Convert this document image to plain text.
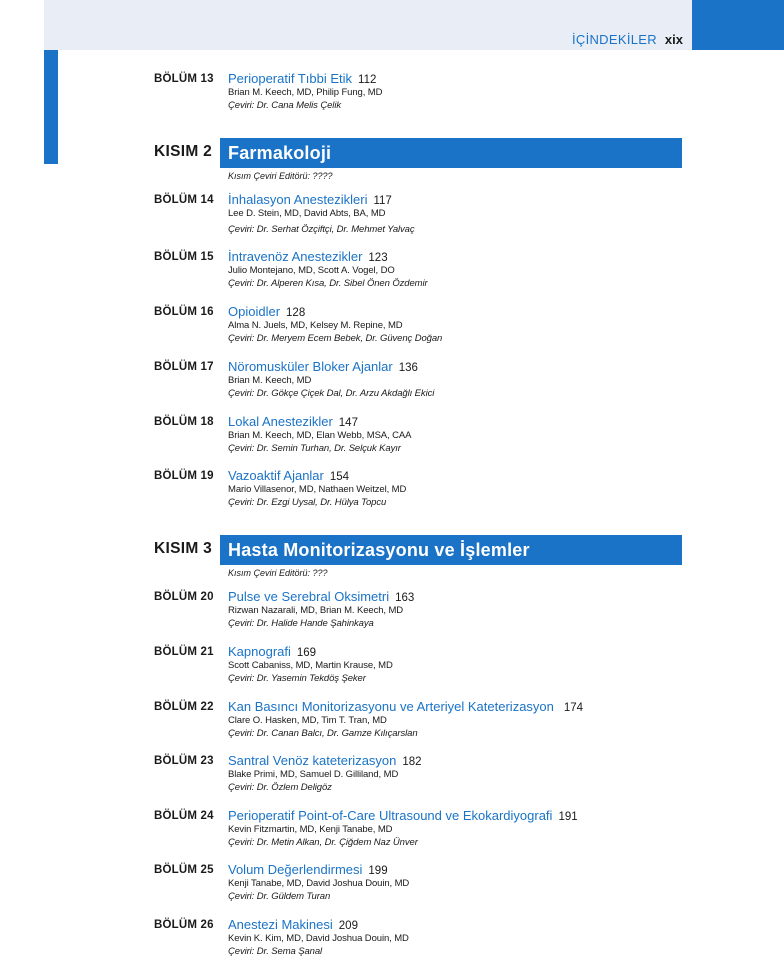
İÇİNDEKİLER xix
BÖLÜM 13	Perioperatif Tıbbi Etik 112
Brian M. Keech, MD, Philip Fung, MD
Çeviri: Dr. Cana Melis Çelik
KISIM 2 Farmakoloji
Kısım Çeviri Editörü: ????
BÖLÜM 14	İnhalasyon Anestezikleri 117
Lee D. Stein, MD, David Abts, BA, MD
Çeviri: Dr. Serhat Özçiftçi, Dr. Mehmet Yalvaç
BÖLÜM 15	İntravenöz Anestezikler 123
Julio Montejano, MD, Scott A. Vogel, DO
Çeviri: Dr. Alperen Kısa, Dr. Sibel Önen Özdemir
BÖLÜM 16	Opioidler 128
Alma N. Juels, MD, Kelsey M. Repine, MD
Çeviri: Dr. Meryem Ecem Bebek, Dr. Güvenç Doğan
BÖLÜM 17	Nöromusküler Bloker Ajanlar 136
Brian M. Keech, MD
Çeviri: Dr. Gökçe Çiçek Dal, Dr. Arzu Akdağlı Ekici
BÖLÜM 18	Lokal Anestezikler 147
Brian M. Keech, MD, Elan Webb, MSA, CAA
Çeviri: Dr. Semin Turhan, Dr. Selçuk Kayır
BÖLÜM 19	Vazoaktif Ajanlar 154
Mario Villasenor, MD, Nathaen Weitzel, MD
Çeviri: Dr. Ezgi Uysal, Dr. Hülya Topcu
KISIM 3 Hasta Monitorizasyonu ve İşlemler
Kısım Çeviri Editörü: ???
BÖLÜM 20	Pulse ve Serebral Oksimetri 163
Rizwan Nazarali, MD, Brian M. Keech, MD
Çeviri: Dr. Halide Hande Şahinkaya
BÖLÜM 21	Kapnografi 169
Scott Cabaniss, MD, Martin Krause, MD
Çeviri: Dr. Yasemin Tekdöş Şeker
BÖLÜM 22	Kan Basıncı Monitorizasyonu ve Arteriyel Kateterizasyon 174
Clare O. Hasken, MD, Tim T. Tran, MD
Çeviri: Dr. Canan Balcı, Dr. Gamze Kılıçarslan
BÖLÜM 23	Santral Venöz kateterizasyon 182
Blake Primi, MD, Samuel D. Gilliland, MD
Çeviri: Dr. Özlem Deligöz
BÖLÜM 24	Perioperatif Point-of-Care Ultrasound ve Ekokardiyografi 191
Kevin Fitzmartin, MD, Kenji Tanabe, MD
Çeviri: Dr. Metin Alkan, Dr. Çiğdem Naz Ünver
BÖLÜM 25	Volum Değerlendirmesi 199
Kenji Tanabe, MD, David Joshua Douin, MD
Çeviri: Dr. Güldem Turan
BÖLÜM 26	Anestezi Makinesi 209
Kevin K. Kim, MD, David Joshua Douin, MD
Çeviri: Dr. Sema Şanal
